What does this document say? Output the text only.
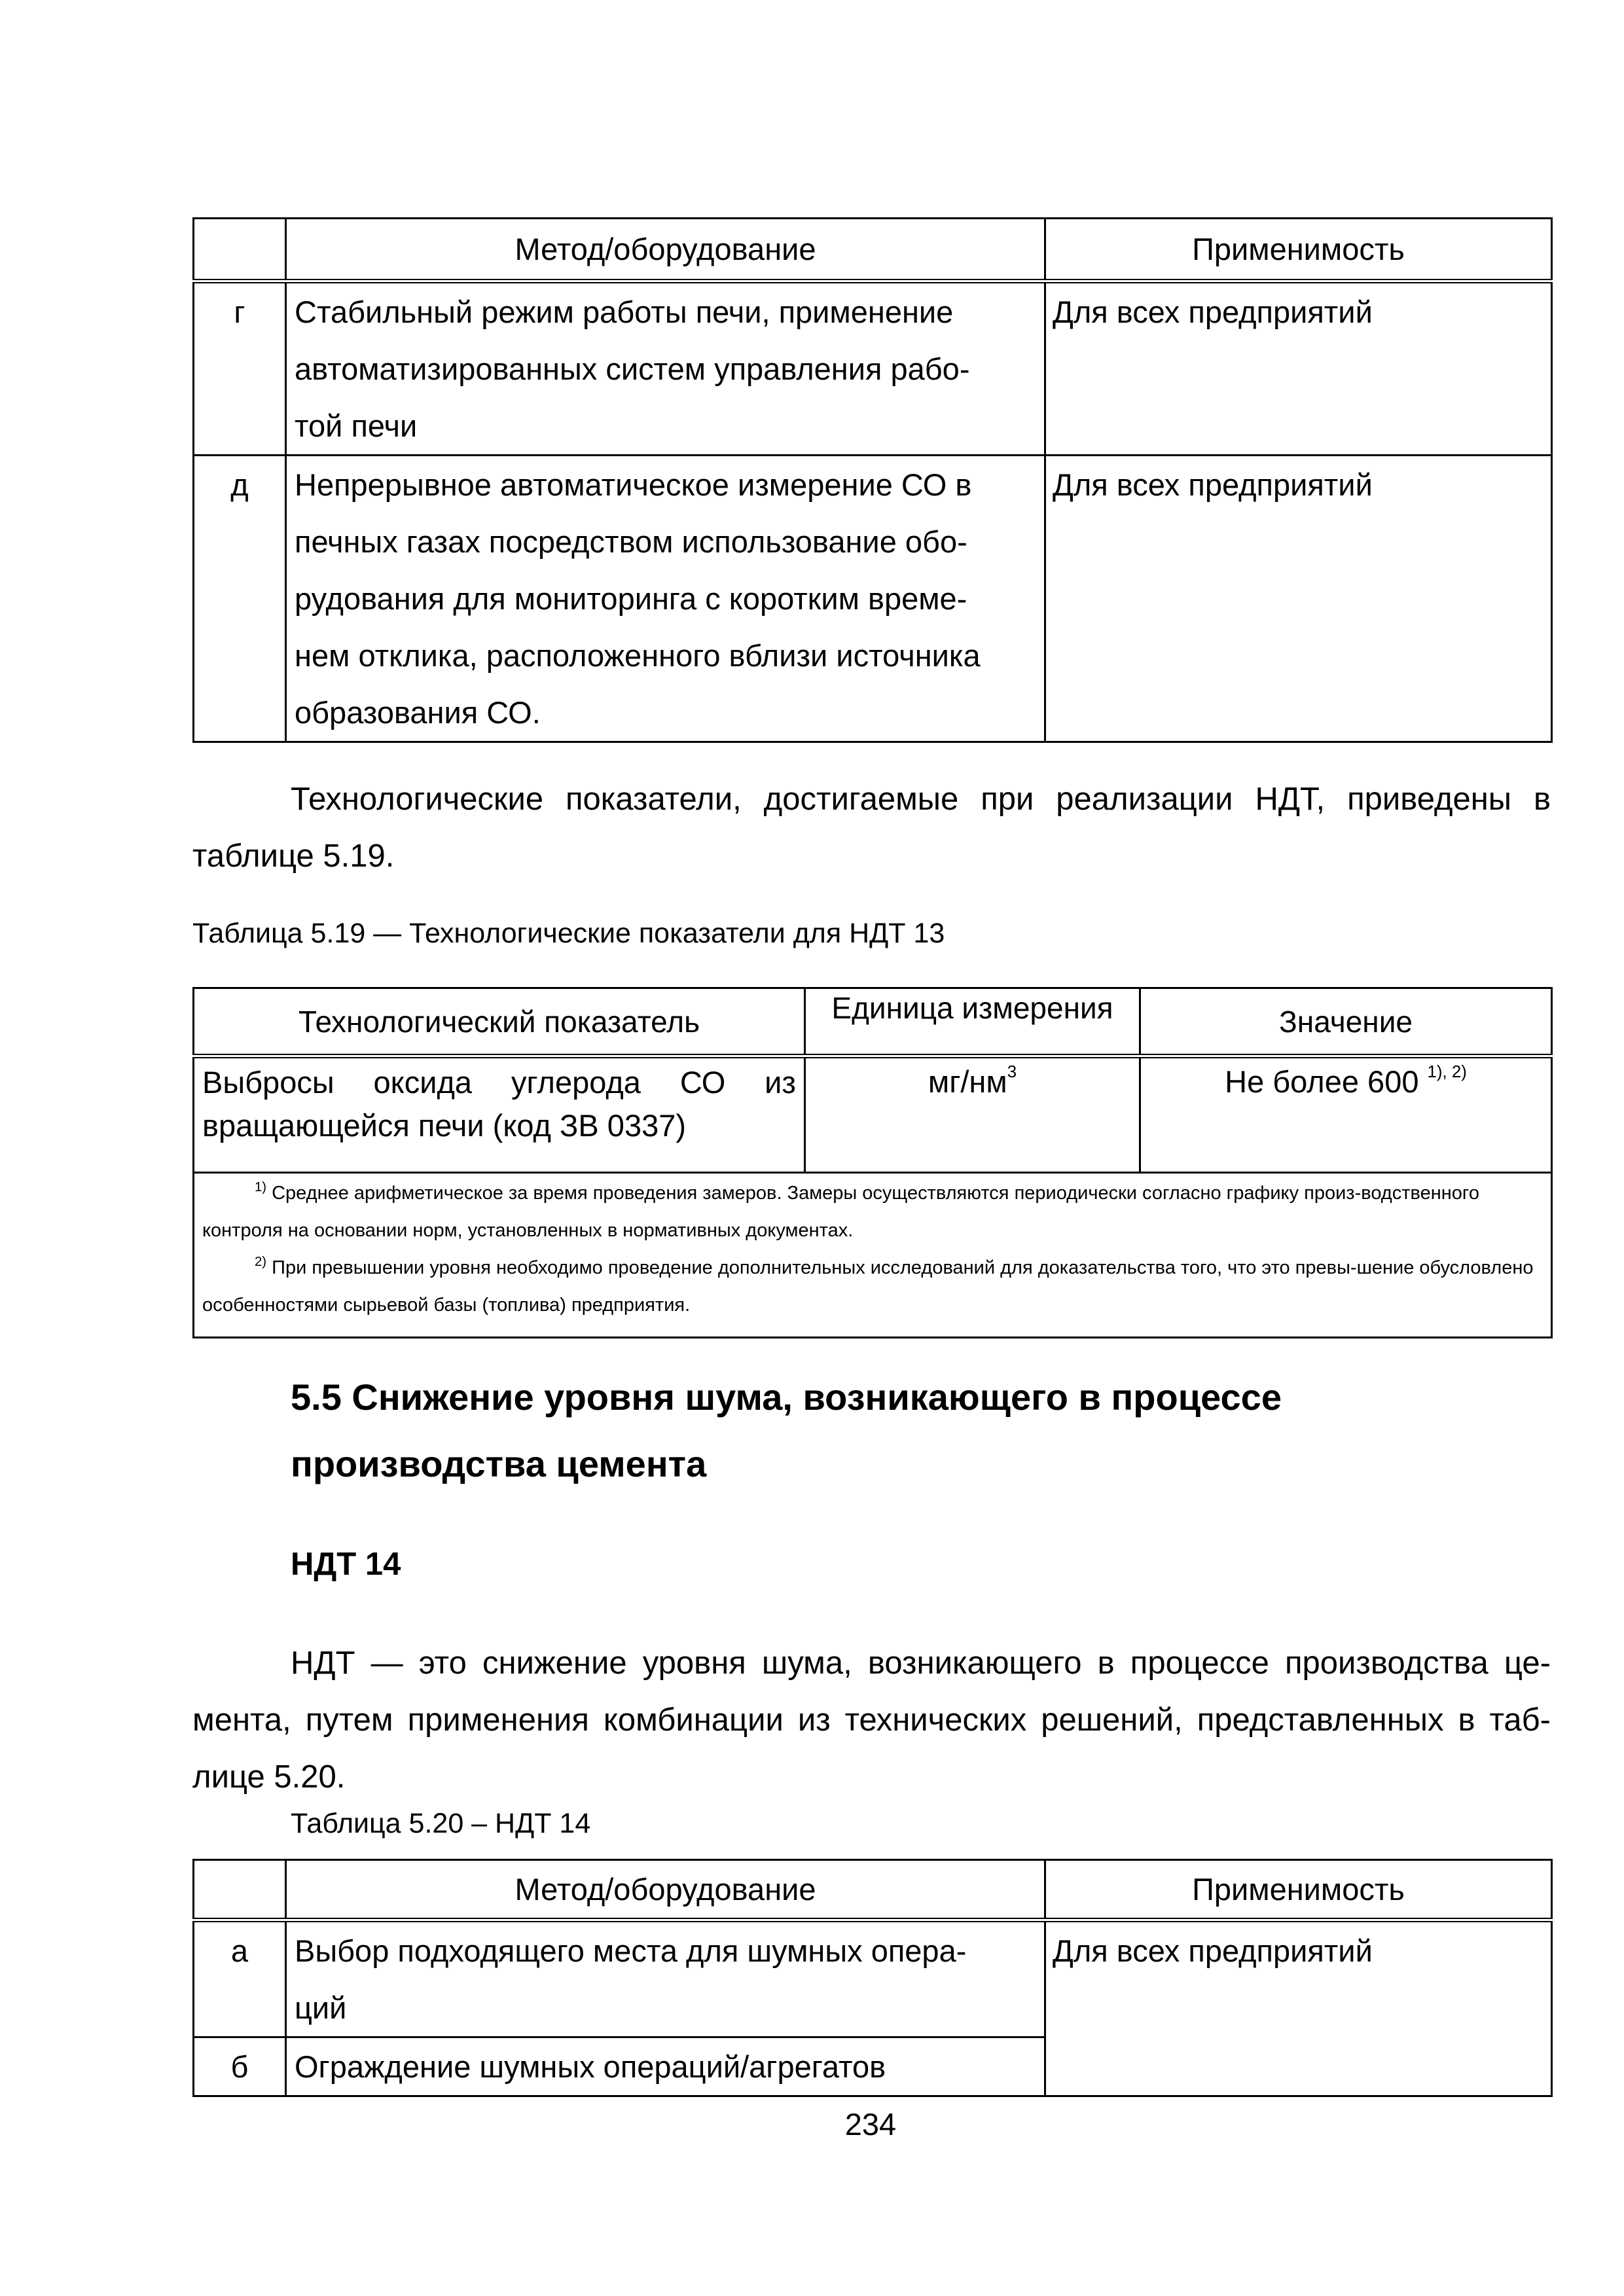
	Метод/оборудование	Применимость
г	Стабильный режим работы печи, применение
автоматизированных систем управления рабо-
той печи	Для всех предприятий
д	Непрерывное автоматическое измерение СО в
печных газах посредством использование обо-
рудования для мониторинга с коротким време-
нем отклика, расположенного вблизи источника
образования СО.	Для всех предприятий
Технологические показатели, достигаемые при реализации НДТ, приведены в
таблице 5.19.
Таблица 5.19 — Технологические показатели для НДТ 13
Технологический показатель	Единица измерения	Значение

Выбросы оксида углерода СО из
вращающейся печи (код ЗВ 0337)	$мг/нм^3$	Не более 600 $^{1), 2)}$

$^{1)}$ Среднее арифметическое за время проведения замеров. Замеры осуществляются периодически согласно графику произ-водственного контроля на основании норм, установленных в нормативных документах.

$^{2)}$ При превышении уровня необходимо проведение дополнительных исследований для доказательства того, что это превы-шение обусловлено особенностями сырьевой базы (топлива) предприятия.		

5.5 Снижение уровня шума, возникающего в процессе
производства цемента
НДТ 14
НДТ — это снижение уровня шума, возникающего в процессе производства це-
мента, путем применения комбинации из технических решений, представленных в таб-
лице 5.20.
Таблица 5.20 – НДТ 14
	Метод/оборудование	Применимость
а	Выбор подходящего места для шумных опера-
ций	Для всех предприятий
б	Ограждение шумных операций/агрегатов	
234
